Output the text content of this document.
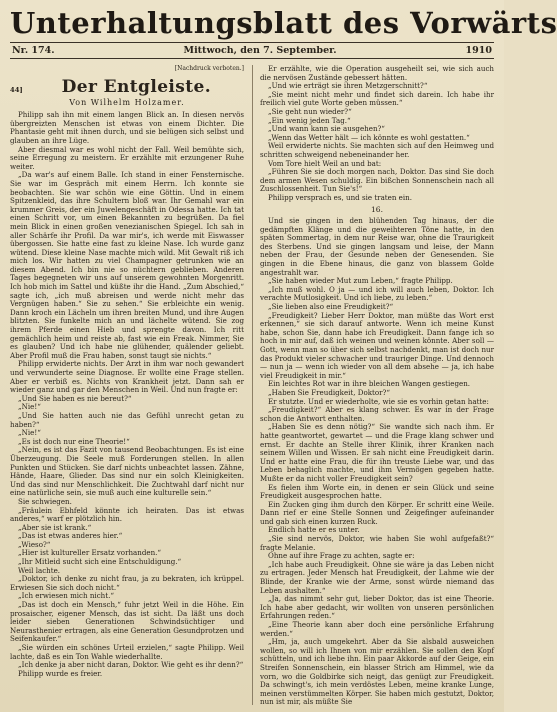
Unterhaltungsblatt des Vorwärts
Nr. 174.	Mittwoch, den 7. September.	1910
[Nachdruck verboten.]
44]	Der Entgleiste.
Von Wilhelm Holzamer.

Philipp sah ihn mit einem langen Blick an. In diesen nervös übergreizten Menschen ist etwas von einem Dichter. Die Phantasie geht mit ihnen durch, und sie belügen sich selbst und glauben an ihre Lüge.

Aber diesmal war es wohl nicht der Fall. Weil bemühte sich, seine Erregung zu meistern. Er erzählte mit erzungener Ruhe weiter.

„Da war's auf einem Balle. Ich stand in einer Fensternische. Sie war im Gespräch mit einem Herrn. Ich konnte sie beobachten. Sie war schön wie eine Göttin. Und in einem Spitzenkleid, das ihre Schultern bloß war. Ihr Gemahl war ein krummer Greis, der ein Juwelengeschäft in Odessa hatte. Ich tat einen Schritt vor, um einen Bekannten zu begrüßen. Da fiel mein Blick in einen großen venezianischen Spiegel. Ich sah in aller Schärfe ihr Profil. Da war mir's, ich werde mit Eiswasser übergossen. Sie hatte eine fast zu kleine Nase. Ich wurde ganz wütend. Diese kleine Nase machte mich wild. Mit Gewalt riß ich mich los. Wir hatten zu viel Champagner getrunken wie an diesem Abend. Ich bin nie so nüchtern geblieben. Anderen Tages begegneten wir uns auf unserem gewohnten Morgenritt. Ich hob mich im Sattel und küßte ihr die Hand. „Zum Abschied,“ sagte ich, „ich muß abreisen und werde nicht mehr das Vergnügen haben.“ Sie zu sehen.“ Sie erbleichte ein wenig. Dann kroch ein Lächeln um ihren breiten Mund, und ihre Augen blitzten. Sie funkelte mich an und lächelte wütend. Sie zog ihrem Pferde einen Hieb und sprengte davon. Ich ritt gemächlich heim und reiste ab, fast wie ein Freak. Nimmer, Sie es glauben? Und ich habe nie glühender, quälender geliebt. Aber Profil muß die Frau haben, sonst taugt sie nichts.“

Philipp erwiderte nichts. Der Arzt in ihm war noch gewandert und verwunderte seine Diagnose. Er wollte eine Frage stellen. Aber er verbiß es. Nichts von Krankheit jetzt. Dann sah er wieder ganz und gar den Menschen in Weil. Und nun fragte er:

„Und Sie haben es nie bereut?“

„Nie!“

„Und Sie hatten auch nie das Gefühl unrecht getan zu haben?“

„Nie!“

„Es ist doch nur eine Theorie!“

„Nein, es ist das Fazit von tausend Beobachtungen. Es ist eine Überzeugung. Die Seele muß Forderungen stellen. In allen Punkten und Stücken. Sie darf nichts unbeachtet lassen. Zähne, Hände, Haare, Glieder. Das sind nur ein solch Kleinigkeiten. Und das sind nur Menschlichkeit. Die Zuchtwahl darf nicht nur eine natürliche sein, sie muß auch eine kulturelle sein.“

Sie schwiegen.

„Fräulein Ebhfeld könnte ich heiraten. Das ist etwas anderes,“ warf er plötzlich hin.

„Aber sie ist krank.“

„Das ist etwas anderes hier.“

„Wieso?“

„Hier ist kultureller Ersatz vorhanden.“

„Ihr Mitleid sucht sich eine Entschuldigung.“

Weil lachte.

„Doktor, ich denke zu nicht frau, ja zu bekraten, ich krüppel. Erwiesen Sie sich doch nicht.“

„Ich erwiesen mich nicht.“

„Das ist doch ein Mensch,“ fuhr jetzt Weil in die Höhe. Ein prosaischer, eigener Mensch, das ist sicht. Da läßt uns doch leider sieben Generationen Schwindsüchtiger und Neurasthenier ertragen, als eine Generation Gesundprotzen und Seifenkaufer.“

„Sie würden ein schönes Urteil erzielen,“ sagte Philipp. Weil lachte, daß es ein Ton Wahle wiederhallte.

„Ich denke ja aber nicht daran, Doktor. Wie geht es ihr denn?“

Philipp wurde es freier.

Er erzählte, wie die Operation ausgeheilt sei, wie sich auch die nervösen Zustände gebessert hätten.

„Und wie erträgt sie ihren Metzgerschnitt?“

„Sie meint nicht mehr und findet sich darein. Ich habe ihr freilich viel gute Worte geben müssen.“

„Sie geht nun wieder?“

„Ein wenig jeden Tag.“

„Und wann kann sie ausgehen?“

„Wenn das Wetter hält — ich könnte es wohl gestatten.“

Weil erwiderte nichts. Sie machten sich auf den Heimweg und schritten schweigend nebeneinander her.

Vom Tore hielt Weil an und bat:

„Führen Sie sie doch morgen nach, Doktor. Das sind Sie doch dem armen Wesen schuldig. Ein bißchen Sonnenschein nach all Zuschlossenheit. Tun Sie's!“

Philipp versprach es, und sie traten ein.

16.

Und sie gingen in den blühenden Tag hinaus, der die gedämpften Klänge und die geweihteren Töne hatte, in den späten Sommertag, in dem nur Reise war, ohne die Traurigkeit des Sterbens. Und sie gingen langsam und leise, der Mann neben der Frau, der Gesunde neben der Genesenden. Sie gingen in die Ebene hinaus, die ganz von blassem Golde angestrahlt war.

„Sie haben wieder Mut zum Leben,“ fragte Philipp.

„Ich muß wohl. O ja — und ich will auch leben, Doktor. Ich verachte Mutlosigkeit. Und ich liebe, zu leben.“

„Sie lieben also eine Freudigkeit?“

„Freudigkeit? Lieber Herr Doktor, man müßte das Wort erst erkennen,“ sie sich darauf antworte. Wenn ich meine Kunst habe, schon Sie, dann habe ich Freudigkeit. Dann fange ich so hoch in mir auf, daß ich weinen und weinen könnte. Aber soll — Gott, wenn man so über sich selbst nachdenkt, man ist doch nur das Produkt vieler schwacher und trauriger Dinge. Und dennoch — nun ja — wenn ich wieder von all dem absehe — ja, ich habe viel Freudigkeit in mir.“

Ein leichtes Rot war in ihre bleichen Wangen gestiegen.

„Haben Sie Freudigkeit, Doktor?“

Er stutzte. Und er wiederholte, wie sie es vorhin getan hatte:

„Freudigkeit?“ Aber es klang schwer. Es war in der Frage schon die Antwort enthalten.

„Haben Sie es denn nötig?“ Sie wandte sich nach ihm. Er hatte geantwortet, gewartet — und die Frage klang schwer und ernst. Er dachte an Stelle ihrer Klinik, ihrer Kranken nach seinem Willen und Wissen. Er sah nicht eine Freudigkeit darin. Und er hatte eine Frau, die für ihn treuste Liebe war, und das Leben behaglich machte, und ihm Vermögen gegeben hatte. Mußte er da nicht voller Freudigkeit sein?

Es fielen ihm Worte ein, in denen er sein Glück und seine Freudigkeit ausgesprochen hatte.

Ein Zucken ging ihm durch den Körper. Er schritt eine Weile. Dann rief er eine Stelle Sonnen und Zeigefinger aufeinander und gab sich einen kurzen Ruck.

Endlich hatte er es unter.

„Sie sind nervös, Doktor, wie haben Sie wohl aufgefaßt?“ fragte Melanie.

Ohne auf ihre Frage zu achten, sagte er:

„Ich habe auch Freudigkeit. Ohne sie wäre ja das Leben nicht zu ertragen. Jeder Mensch hat Freudigkeit, der Lahme wie der Blinde, der Kranke wie der Arme, sonst würde niemand das Leben aushalten.“

„Ja, das nimmt sehr gut, lieber Doktor, das ist eine Theorie. Ich habe aber gedacht, wir wollten von unseren persönlichen Erfahrungen reden.“

„Eine Theorie kann aber doch eine persönliche Erfahrung werden.“

„Hm, ja, auch umgekehrt. Aber da Sie alsbald ausweichen wollen, so will ich Ihnen von mir erzählen. Sie sollen den Kopf schütteln, und ich liebe ihn. Ein paar Akkorde auf der Geige, ein Streifen Sonnenschein, ein blasser Strich am Himmel, wie da vorn, wo die Goldbirke sich neigt, das genügt zur Freudigkeit. Da schwingt's, ich mein verdöstes Leben, meine kranke Lunge, meinen verstümmelten Körper. Sie haben mich gestutzt, Doktor, nun ist mir, als müßte Sie
